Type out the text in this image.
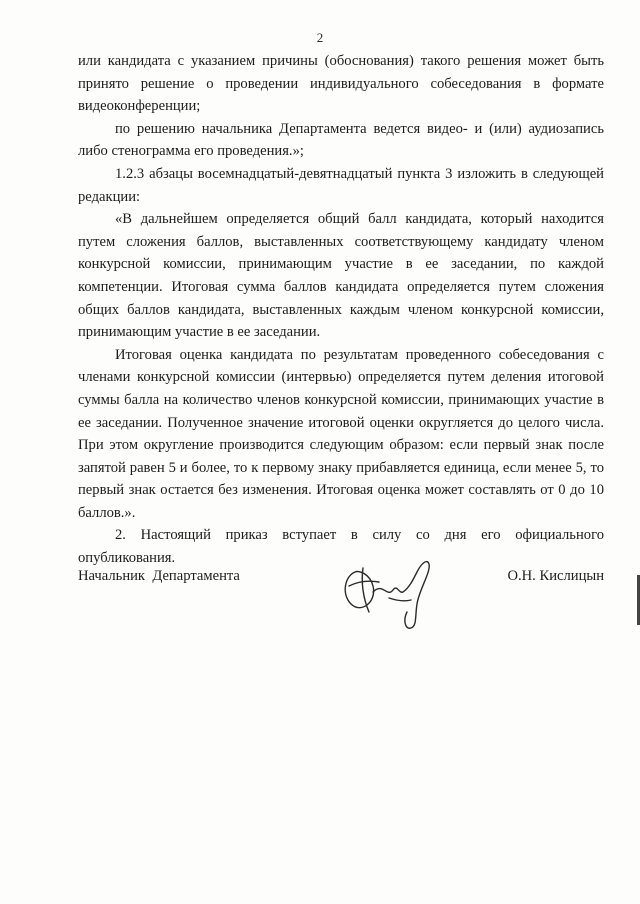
2

или кандидата с указанием причины (обоснования) такого решения может быть принято решение о проведении индивидуального собеседования в формате видеоконференции;

по решению начальника Департамента ведется видео- и (или) аудиозапись либо стенограмма его проведения.»;

1.2.3 абзацы восемнадцатый-девятнадцатый пункта 3 изложить в следующей редакции:

«В дальнейшем определяется общий балл кандидата, который находится путем сложения баллов, выставленных соответствующему кандидату членом конкурсной комиссии, принимающим участие в ее заседании, по каждой компетенции. Итоговая сумма баллов кандидата определяется путем сложения общих баллов кандидата, выставленных каждым членом конкурсной комиссии, принимающим участие в ее заседании.

Итоговая оценка кандидата по результатам проведенного собеседования с членами конкурсной комиссии (интервью) определяется путем деления итоговой суммы балла на количество членов конкурсной комиссии, принимающих участие в ее заседании. Полученное значение итоговой оценки округляется до целого числа. При этом округление производится следующим образом: если первый знак после запятой равен 5 и более, то к первому знаку прибавляется единица, если менее 5, то первый знак остается без изменения. Итоговая оценка может составлять от 0 до 10 баллов.».

2. Настоящий приказ вступает в силу со дня его официального опубликования.

Начальник  Департамента	О.Н. Кислицын
